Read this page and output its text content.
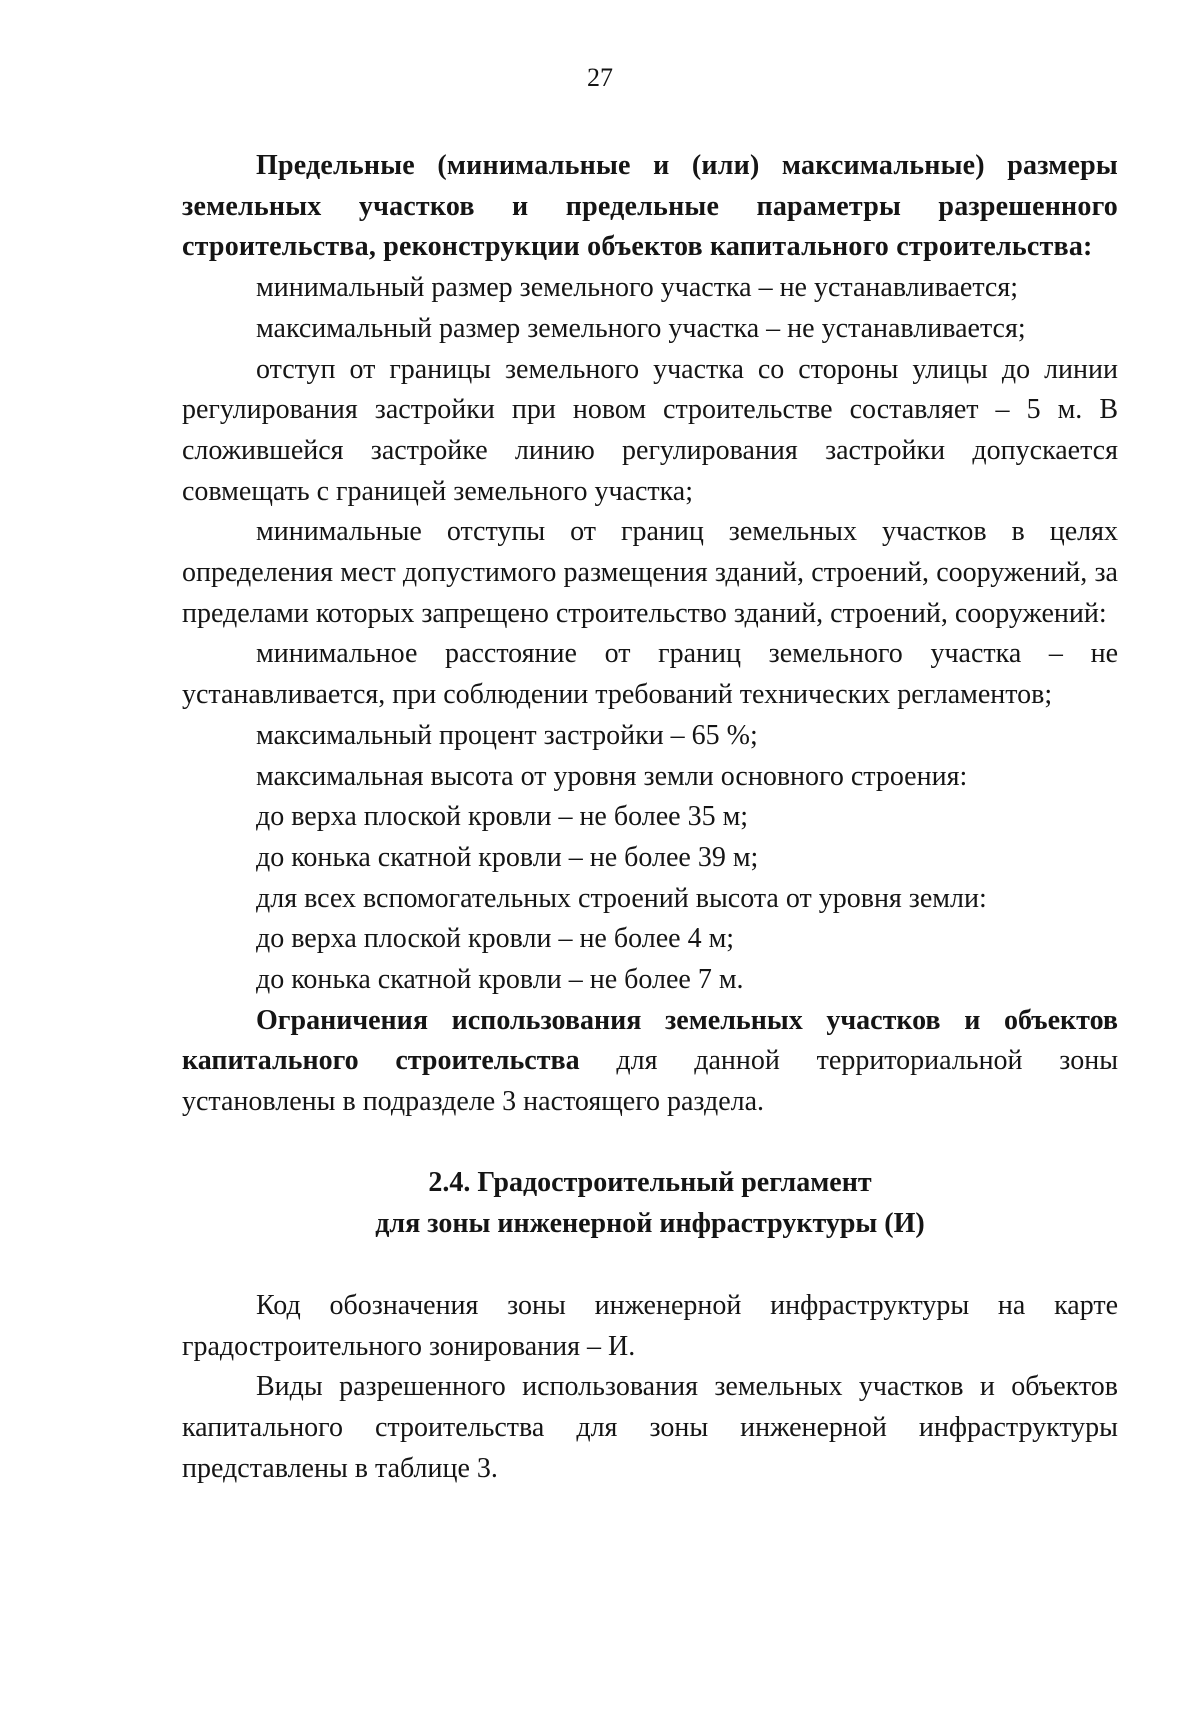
27

Предельные (минимальные и (или) максимальные) размеры земельных участков и предельные параметры разрешенного строительства, реконструкции объектов капитального строительства:

минимальный размер земельного участка – не устанавливается;

максимальный размер земельного участка – не устанавливается;

отступ от границы земельного участка со стороны улицы до линии регулирования застройки при новом строительстве составляет – 5 м. В сложившейся застройке линию регулирования застройки допускается совмещать с границей земельного участка;

минимальные отступы от границ земельных участков в целях определения мест допустимого размещения зданий, строений, сооружений, за пределами которых запрещено строительство зданий, строений, сооружений:

минимальное расстояние от границ земельного участка – не устанавливается, при соблюдении требований технических регламентов;

максимальный процент застройки – 65 %;

максимальная высота от уровня земли основного строения:

до верха плоской кровли – не более 35 м;

до конька скатной кровли – не более 39 м;

для всех вспомогательных строений высота от уровня земли:

до верха плоской кровли – не более 4 м;

до конька скатной кровли – не более 7 м.

Ограничения использования земельных участков и объектов капитального строительства для данной территориальной зоны установлены в подразделе 3 настоящего раздела.

2.4. Градостроительный регламент

для зоны инженерной инфраструктуры (И)

Код обозначения зоны инженерной инфраструктуры на карте градостроительного зонирования – И.

Виды разрешенного использования земельных участков и объектов капитального строительства для зоны инженерной инфраструктуры представлены в таблице 3.
